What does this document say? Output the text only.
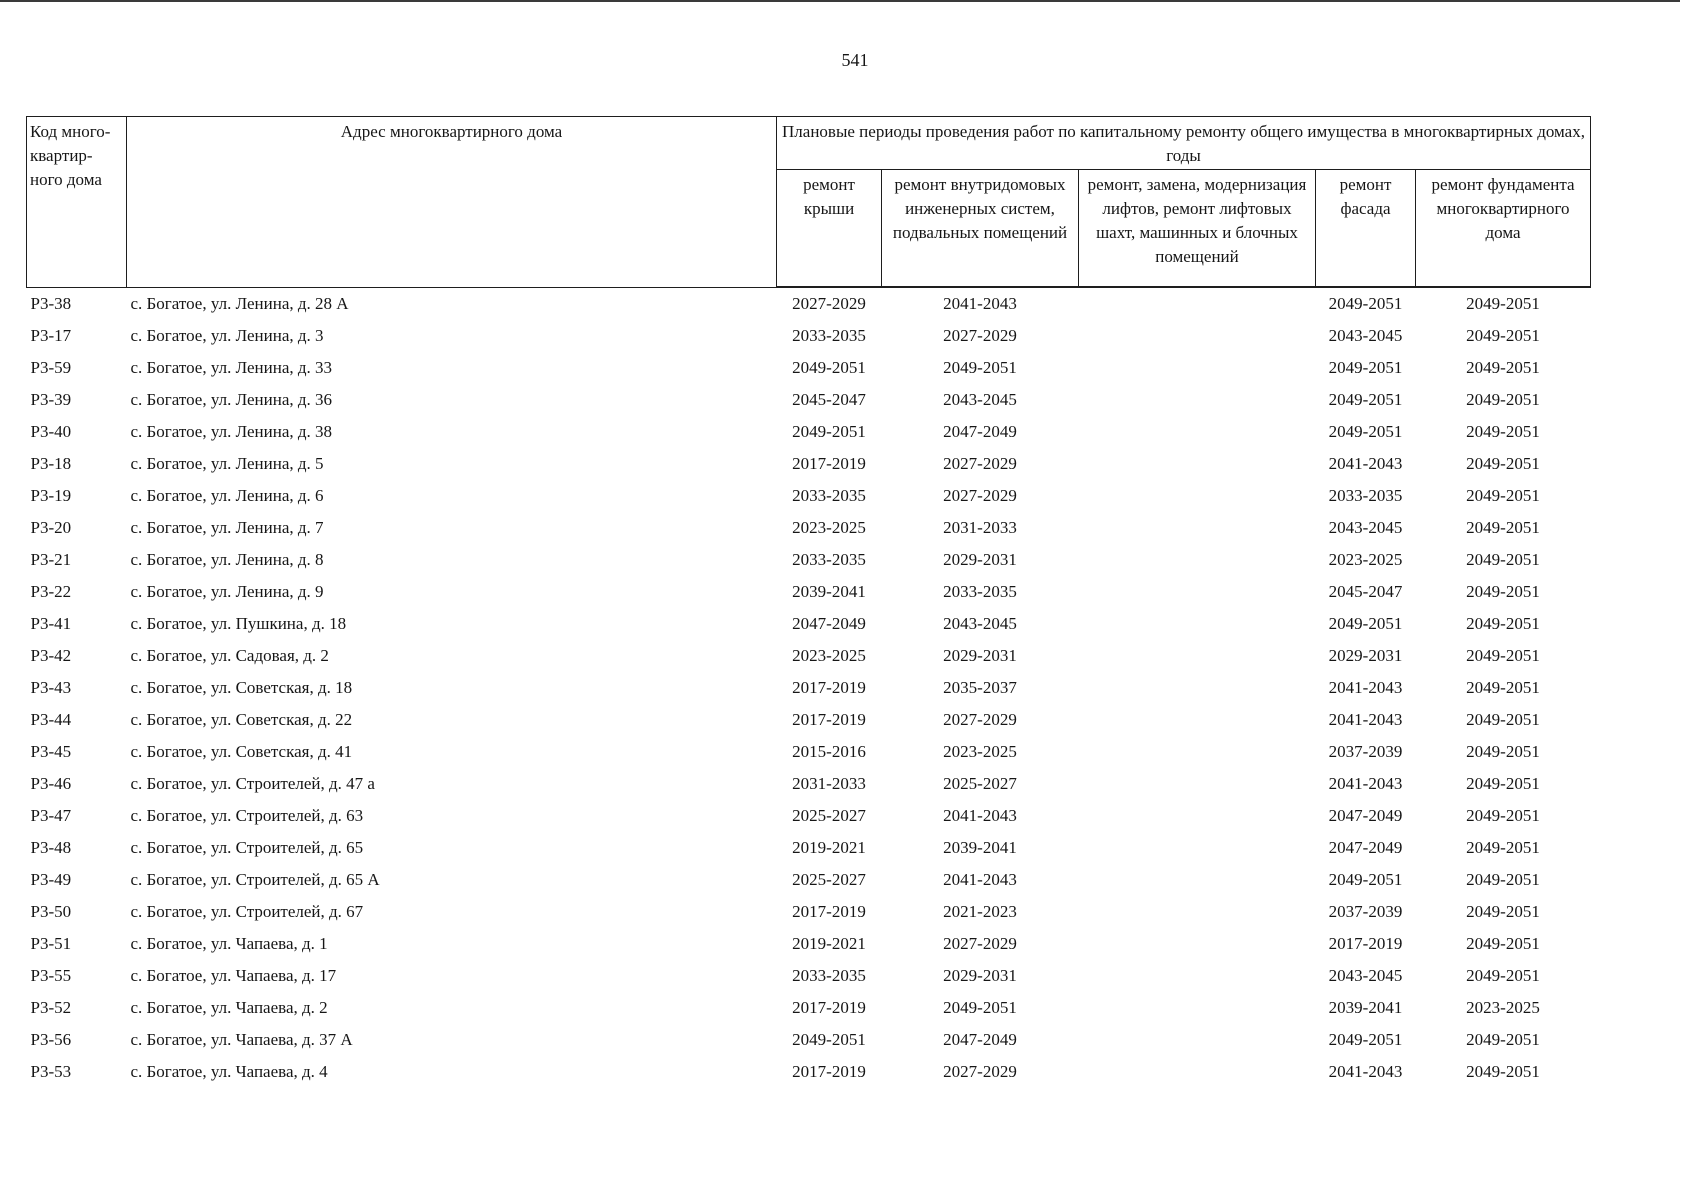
541
Код много-квартир-ного дома	Адрес многоквартирного дома	Плановые периоды проведения работ по капитальному ремонту общего имущества в многоквартирных домах, годы				
		ремонт крыши	ремонт внутридомовых инженерных систем, подвальных помещений	ремонт, замена, модернизация лифтов, ремонт лифтовых шахт, машинных и блочных помещений	ремонт фасада	ремонт фундамента многоквартирного дома
Р3-38	с. Богатое, ул. Ленина, д. 28 А	2027-2029	2041-2043		2049-2051	2049-2051
Р3-17	с. Богатое, ул. Ленина, д. 3	2033-2035	2027-2029		2043-2045	2049-2051
Р3-59	с. Богатое, ул. Ленина, д. 33	2049-2051	2049-2051		2049-2051	2049-2051
Р3-39	с. Богатое, ул. Ленина, д. 36	2045-2047	2043-2045		2049-2051	2049-2051
Р3-40	с. Богатое, ул. Ленина, д. 38	2049-2051	2047-2049		2049-2051	2049-2051
Р3-18	с. Богатое, ул. Ленина, д. 5	2017-2019	2027-2029		2041-2043	2049-2051
Р3-19	с. Богатое, ул. Ленина, д. 6	2033-2035	2027-2029		2033-2035	2049-2051
Р3-20	с. Богатое, ул. Ленина, д. 7	2023-2025	2031-2033		2043-2045	2049-2051
Р3-21	с. Богатое, ул. Ленина, д. 8	2033-2035	2029-2031		2023-2025	2049-2051
Р3-22	с. Богатое, ул. Ленина, д. 9	2039-2041	2033-2035		2045-2047	2049-2051
Р3-41	с. Богатое, ул. Пушкина, д. 18	2047-2049	2043-2045		2049-2051	2049-2051
Р3-42	с. Богатое, ул. Садовая, д. 2	2023-2025	2029-2031		2029-2031	2049-2051
Р3-43	с. Богатое, ул. Советская, д. 18	2017-2019	2035-2037		2041-2043	2049-2051
Р3-44	с. Богатое, ул. Советская, д. 22	2017-2019	2027-2029		2041-2043	2049-2051
Р3-45	с. Богатое, ул. Советская, д. 41	2015-2016	2023-2025		2037-2039	2049-2051
Р3-46	с. Богатое, ул. Строителей, д. 47 а	2031-2033	2025-2027		2041-2043	2049-2051
Р3-47	с. Богатое, ул. Строителей, д. 63	2025-2027	2041-2043		2047-2049	2049-2051
Р3-48	с. Богатое, ул. Строителей, д. 65	2019-2021	2039-2041		2047-2049	2049-2051
Р3-49	с. Богатое, ул. Строителей, д. 65 А	2025-2027	2041-2043		2049-2051	2049-2051
Р3-50	с. Богатое, ул. Строителей, д. 67	2017-2019	2021-2023		2037-2039	2049-2051
Р3-51	с. Богатое, ул. Чапаева, д. 1	2019-2021	2027-2029		2017-2019	2049-2051
Р3-55	с. Богатое, ул. Чапаева, д. 17	2033-2035	2029-2031		2043-2045	2049-2051
Р3-52	с. Богатое, ул. Чапаева, д. 2	2017-2019	2049-2051		2039-2041	2023-2025
Р3-56	с. Богатое, ул. Чапаева, д. 37 А	2049-2051	2047-2049		2049-2051	2049-2051
Р3-53	с. Богатое, ул. Чапаева, д. 4	2017-2019	2027-2029		2041-2043	2049-2051
